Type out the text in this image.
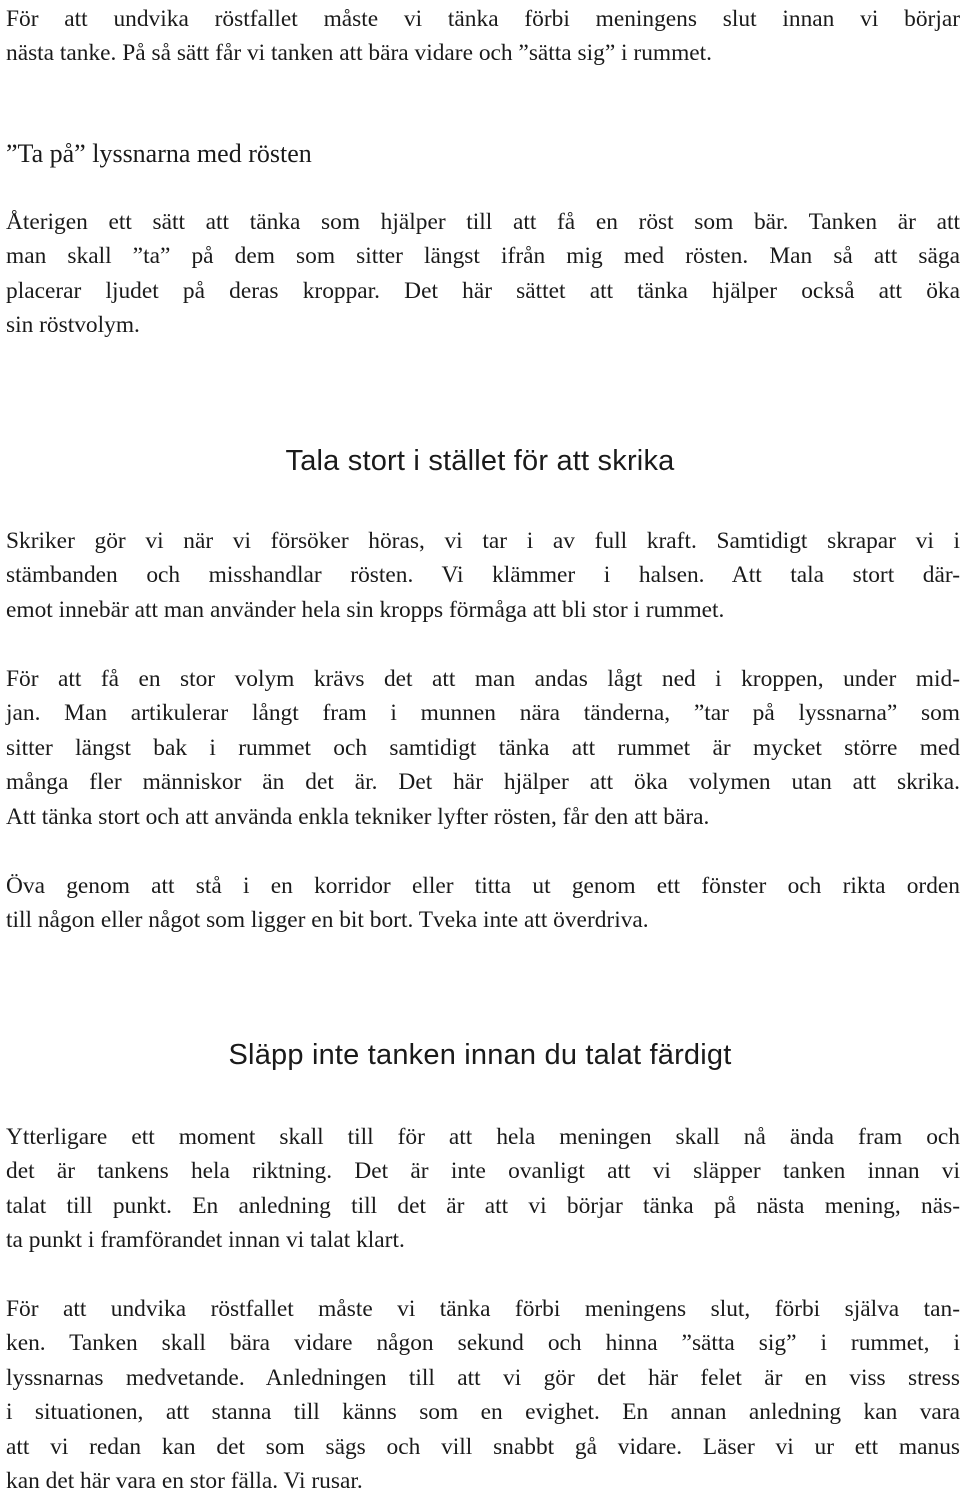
För att undvika röstfallet måste vi tänka förbi meningens slut innan vi börjar
nästa tanke. På så sätt får vi tanken att bära vidare och ”sätta sig” i rummet.

”Ta på” lyssnarna med rösten

Återigen ett sätt att tänka som hjälper till att få en röst som bär. Tanken är att
man skall ”ta” på dem som sitter längst ifrån mig med rösten. Man så att säga
placerar ljudet på deras kroppar. Det här sättet att tänka hjälper också att öka
sin röstvolym.

Tala stort i stället för att skrika

Skriker gör vi när vi försöker höras, vi tar i av full kraft. Samtidigt skrapar vi i
stämbanden och misshandlar rösten. Vi klämmer i halsen. Att tala stort där-
emot innebär att man använder hela sin kropps förmåga att bli stor i rummet.

För att få en stor volym krävs det att man andas lågt ned i kroppen, under mid-
jan. Man artikulerar långt fram i munnen nära tänderna, ”tar på lyssnarna” som
sitter längst bak i rummet och samtidigt tänka att rummet är mycket större med
många fler människor än det är. Det här hjälper att öka volymen utan att skrika.
Att tänka stort och att använda enkla tekniker lyfter rösten, får den att bära.

Öva genom att stå i en korridor eller titta ut genom ett fönster och rikta orden
till någon eller något som ligger en bit bort. Tveka inte att överdriva.

Släpp inte tanken innan du talat färdigt

Ytterligare ett moment skall till för att hela meningen skall nå ända fram och
det är tankens hela riktning. Det är inte ovanligt att vi släpper tanken innan vi
talat till punkt. En anledning till det är att vi börjar tänka på nästa mening, näs-
ta punkt i framförandet innan vi talat klart.

För att undvika röstfallet måste vi tänka förbi meningens slut, förbi själva tan-
ken. Tanken skall bära vidare någon sekund och hinna ”sätta sig” i rummet, i
lyssnarnas medvetande. Anledningen till att vi gör det här felet är en viss stress
i situationen, att stanna till känns som en evighet. En annan anledning kan vara
att vi redan kan det som sägs och vill snabbt gå vidare. Läser vi ur ett manus
kan det här vara en stor fälla. Vi rusar.
